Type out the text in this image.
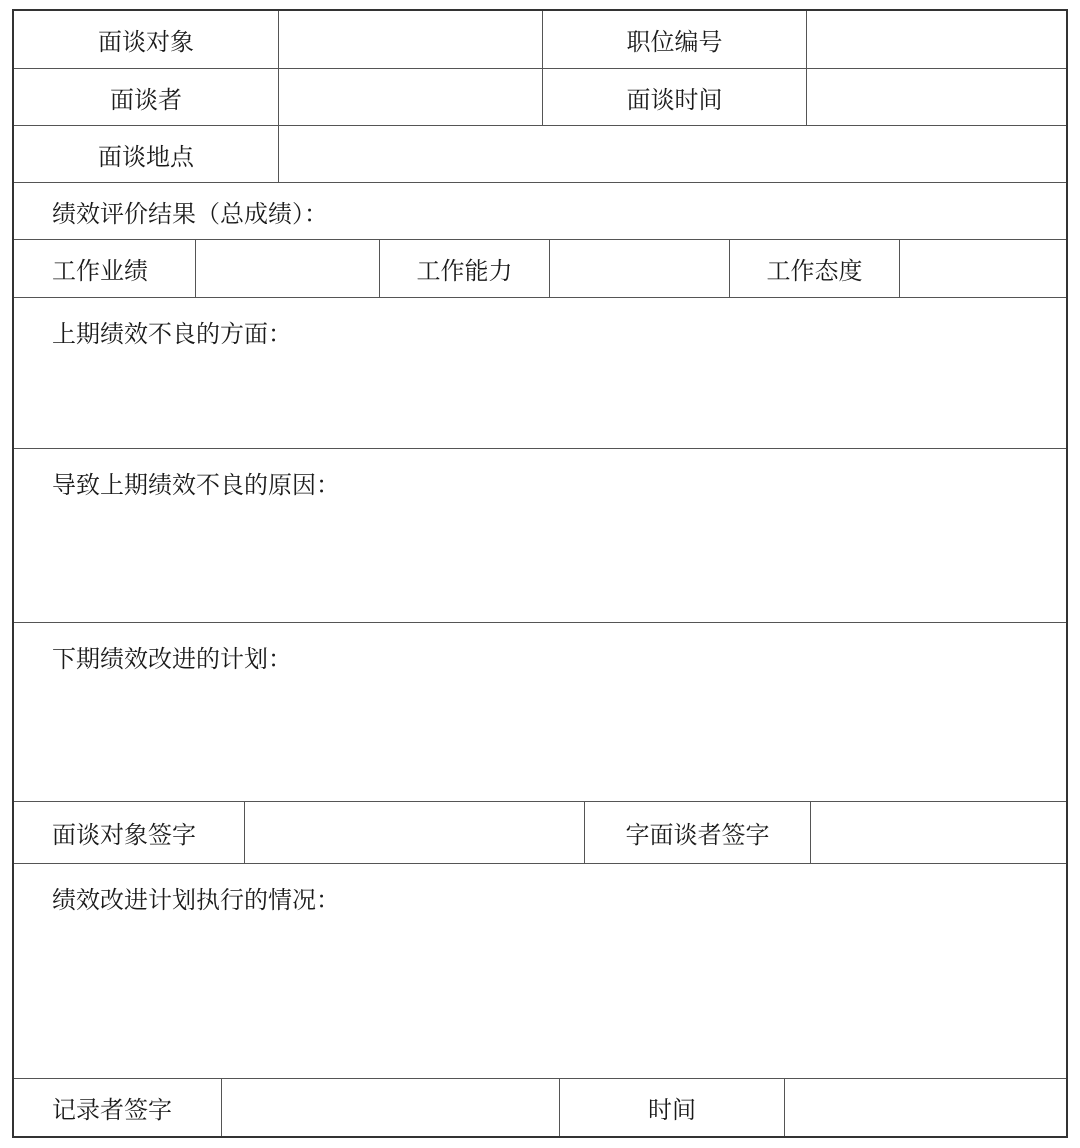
面谈对象	职位编号
面谈者	面谈时间
面谈地点
绩效评价结果（总成绩）：
工作业绩	工作能力	工作态度
上期绩效不良的方面：
导致上期绩效不良的原因：
下期绩效改进的计划：
面谈对象签字	字面谈者签字
绩效改进计划执行的情况：
记录者签字	时间
